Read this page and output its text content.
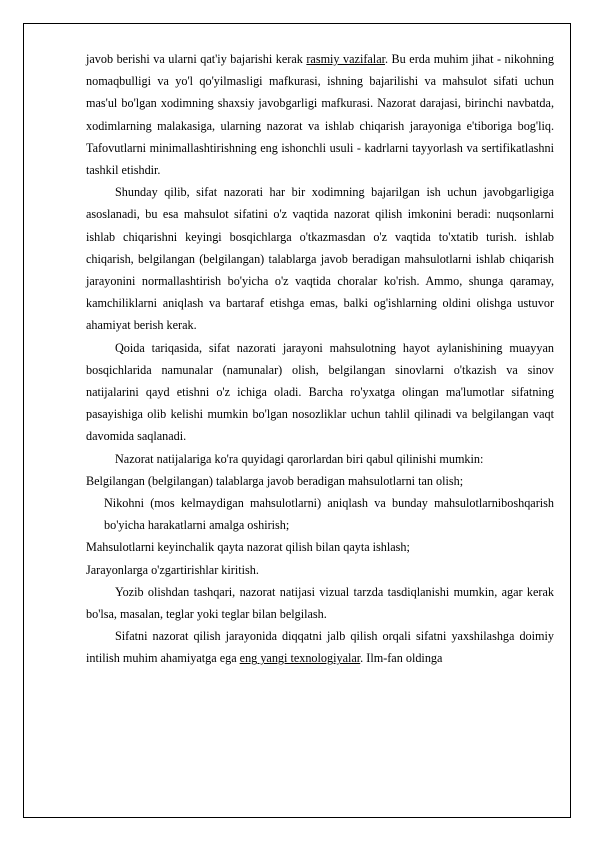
javob berishi va ularni qat'iy bajarishi kerak rasmiy vazifalar. Bu erda muhim jihat - nikohning nomaqbulligi va yo'l qo'yilmasligi mafkurasi, ishning bajarilishi va mahsulot sifati uchun mas'ul bo'lgan xodimning shaxsiy javobgarligi mafkurasi. Nazorat darajasi, birinchi navbatda, xodimlarning malakasiga, ularning nazorat va ishlab chiqarish jarayoniga e'tiboriga bog'liq. Tafovutlarni minimallashtirishning eng ishonchli usuli - kadrlarni tayyorlash va sertifikatlashni tashkil etishdir.

Shunday qilib, sifat nazorati har bir xodimning bajarilgan ish uchun javobgarligiga asoslanadi, bu esa mahsulot sifatini o'z vaqtida nazorat qilish imkonini beradi: nuqsonlarni ishlab chiqarishni keyingi bosqichlarga o'tkazmasdan o'z vaqtida to'xtatib turish. ishlab chiqarish, belgilangan (belgilangan) talablarga javob beradigan mahsulotlarni ishlab chiqarish jarayonini normallashtirish bo'yicha o'z vaqtida choralar ko'rish. Ammo, shunga qaramay, kamchiliklarni aniqlash va bartaraf etishga emas, balki og'ishlarning oldini olishga ustuvor ahamiyat berish kerak.

Qoida tariqasida, sifat nazorati jarayoni mahsulotning hayot aylanishining muayyan bosqichlarida namunalar (namunalar) olish, belgilangan sinovlarni o'tkazish va sinov natijalarini qayd etishni o'z ichiga oladi. Barcha ro'yxatga olingan ma'lumotlar sifatning pasayishiga olib kelishi mumkin bo'lgan nosozliklar uchun tahlil qilinadi va belgilangan vaqt davomida saqlanadi.

Nazorat natijalariga ko'ra quyidagi qarorlardan biri qabul qilinishi mumkin:

Belgilangan (belgilangan) talablarga javob beradigan mahsulotlarni tan olish;

Nikohni (mos kelmaydigan mahsulotlarni) aniqlash va bunday mahsulotlarniboshqarish bo'yicha harakatlarni amalga oshirish;

Mahsulotlarni keyinchalik qayta nazorat qilish bilan qayta ishlash;

Jarayonlarga o'zgartirishlar kiritish.

Yozib olishdan tashqari, nazorat natijasi vizual tarzda tasdiqlanishi mumkin, agar kerak bo'lsa, masalan, teglar yoki teglar bilan belgilash.

Sifatni nazorat qilish jarayonida diqqatni jalb qilish orqali sifatni yaxshilashga doimiy intilish muhim ahamiyatga ega eng yangi texnologiyalar. Ilm-fan oldinga
